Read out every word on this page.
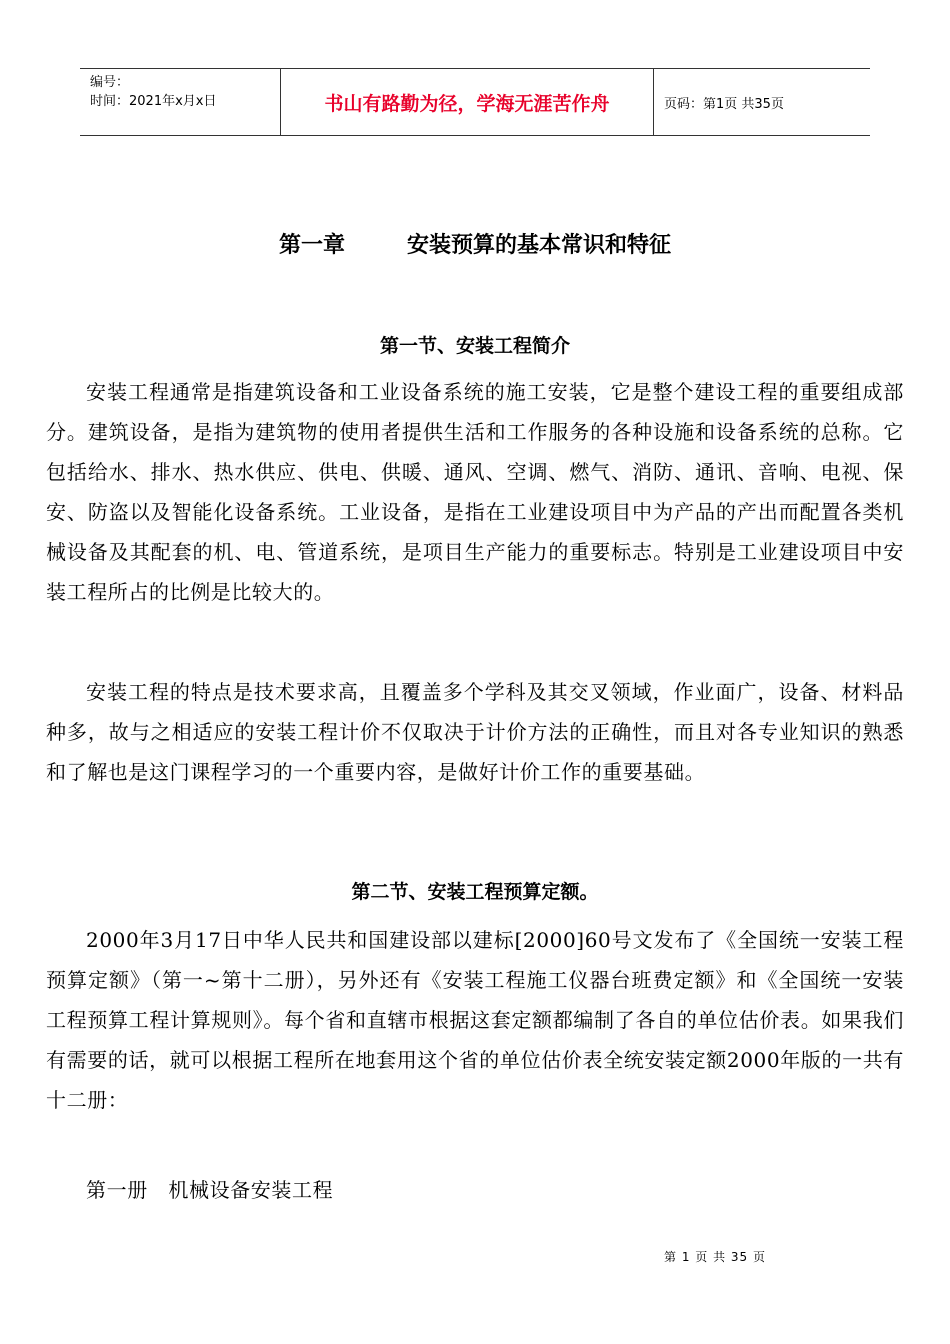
编号：
时间：2021年x月x日	书山有路勤为径，学海无涯苦作舟	页码：第1页 共35页
第一章	安装预算的基本常识和特征
第一节、安装工程简介
安装工程通常是指建筑设备和工业设备系统的施工安装，它是整个建设工程的重要组成部分。建筑设备，是指为建筑物的使用者提供生活和工作服务的各种设施和设备系统的总称。它包括给水、排水、热水供应、供电、供暖、通风、空调、燃气、消防、通讯、音响、电视、保安、防盗以及智能化设备系统。工业设备，是指在工业建设项目中为产品的产出而配置各类机械设备及其配套的机、电、管道系统，是项目生产能力的重要标志。特别是工业建设项目中安装工程所占的比例是比较大的。
安装工程的特点是技术要求高，且覆盖多个学科及其交叉领域，作业面广，设备、材料品种多，故与之相适应的安装工程计价不仅取决于计价方法的正确性，而且对各专业知识的熟悉和了解也是这门课程学习的一个重要内容，是做好计价工作的重要基础。
第二节、安装工程预算定额。
2000年3月17日中华人民共和国建设部以建标[2000]60号文发布了《全国统一安装工程预算定额》（第一~第十二册），另外还有《安装工程施工仪器台班费定额》和《全国统一安装工程预算工程计算规则》。每个省和直辖市根据这套定额都编制了各自的单位估价表。如果我们有需要的话，就可以根据工程所在地套用这个省的单位估价表全统安装定额2000年版的一共有十二册：
第一册　机械设备安装工程
第 1 页 共 35 页
